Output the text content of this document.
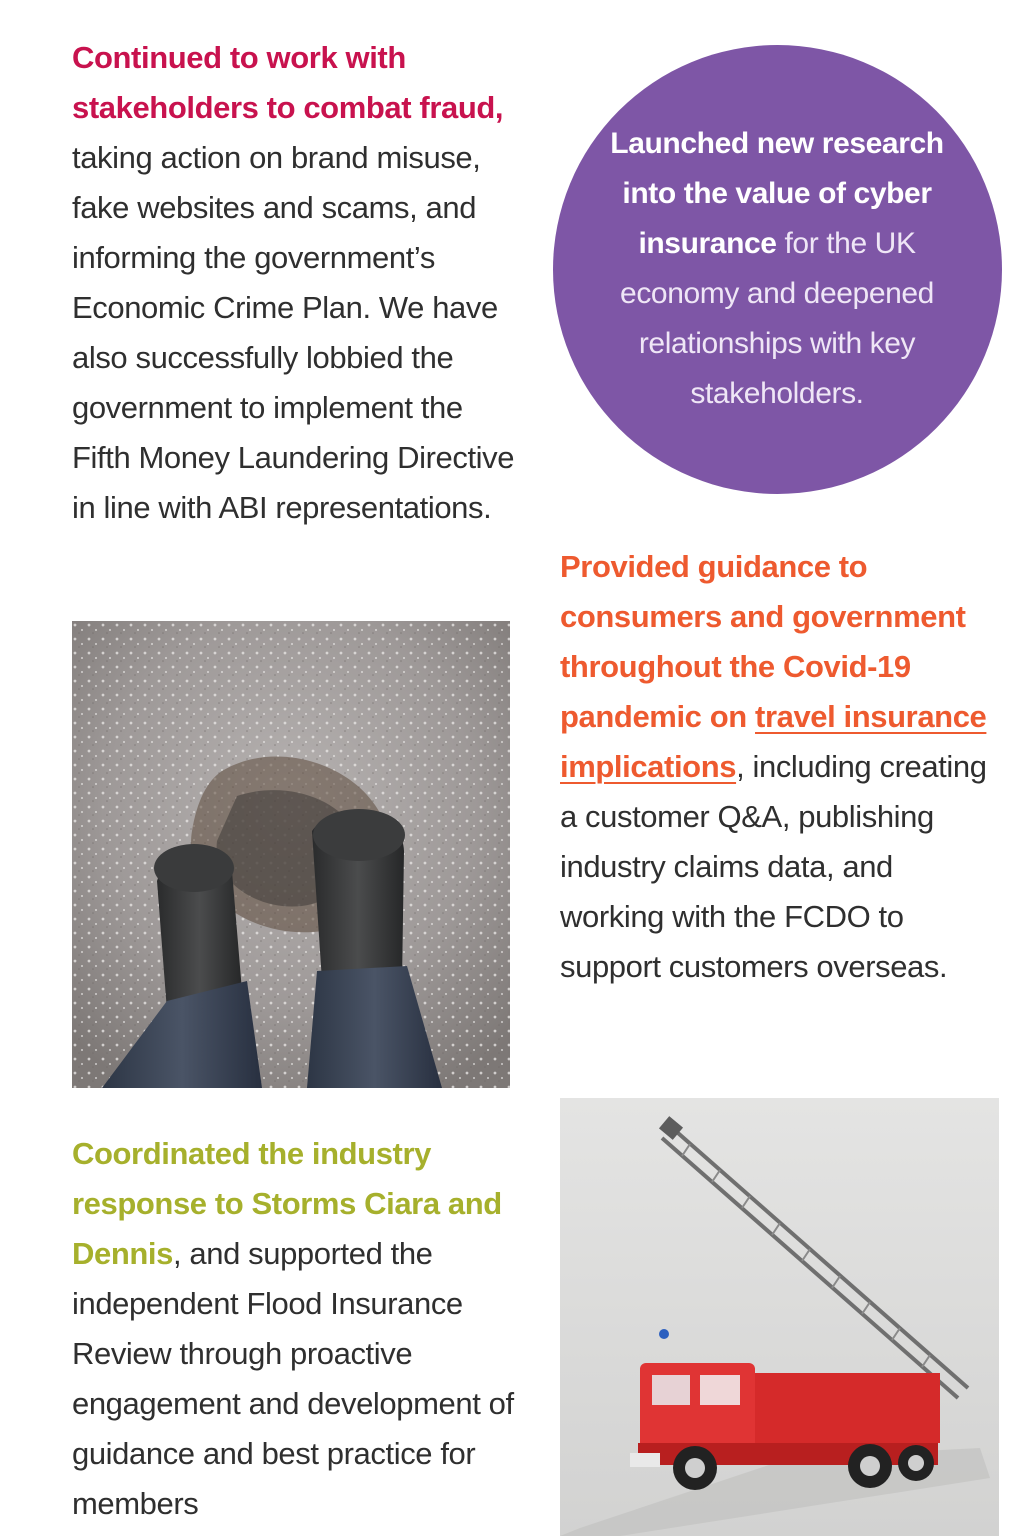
Continued to work with stakeholders to combat fraud, taking action on brand misuse, fake websites and scams, and informing the government’s Economic Crime Plan. We have also successfully lobbied the government to implement the Fifth Money Laundering Directive in line with ABI representations.

Launched new research into the value of cyber insurance for the UK economy and deepened relationships with key stakeholders.

Provided guidance to consumers and government throughout the Covid-19 pandemic on travel insurance implications, including creating a customer Q&A, publishing industry claims data, and working with the FCDO to support customers overseas.

Coordinated the industry response to Storms Ciara and Dennis, and supported the independent Flood Insurance Review through proactive engagement and development of guidance and best practice for members
